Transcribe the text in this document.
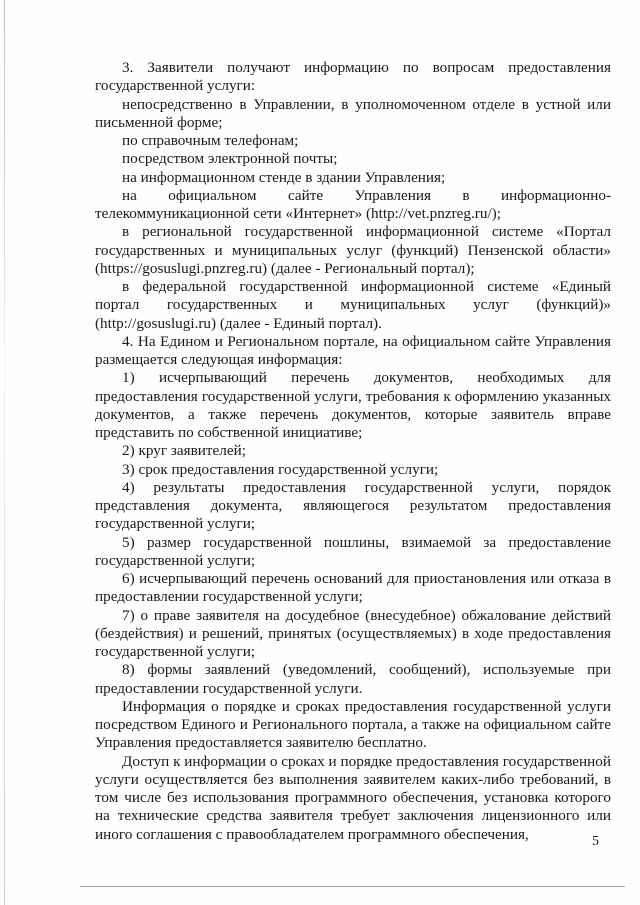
3. Заявители получают информацию по вопросам предоставления государственной услуги:

непосредственно в Управлении, в уполномоченном отделе в устной или письменной форме;

по справочным телефонам;

посредством электронной почты;

на информационном стенде в здании Управления;

на официальном сайте Управления в информационно-телекоммуникационной сети «Интернет» (http://vet.pnzreg.ru/);

в региональной государственной информационной системе «Портал государственных и муниципальных услуг (функций) Пензенской области» (https://gosuslugi.pnzreg.ru) (далее - Региональный портал);

в федеральной государственной информационной системе «Единый портал государственных и муниципальных услуг (функций)» (http://gosuslugi.ru) (далее - Единый портал).

4. На Едином и Региональном портале, на официальном сайте Управления размещается следующая информация:

1) исчерпывающий перечень документов, необходимых для предоставления государственной услуги, требования к оформлению указанных документов, а также перечень документов, которые заявитель вправе представить по собственной инициативе;

2) круг заявителей;

3) срок предоставления государственной услуги;

4) результаты предоставления государственной услуги, порядок представления документа, являющегося результатом предоставления государственной услуги;

5) размер государственной пошлины, взимаемой за предоставление государственной услуги;

6) исчерпывающий перечень оснований для приостановления или отказа в предоставлении государственной услуги;

7) о праве заявителя на досудебное (внесудебное) обжалование действий (бездействия) и решений, принятых (осуществляемых) в ходе предоставления государственной услуги;

8) формы заявлений (уведомлений, сообщений), используемые при предоставлении государственной услуги.

Информация о порядке и сроках предоставления государственной услуги посредством Единого и Регионального портала, а также на официальном сайте Управления предоставляется заявителю бесплатно.

Доступ к информации о сроках и порядке предоставления государственной услуги осуществляется без выполнения заявителем каких-либо требований, в том числе без использования программного обеспечения, установка которого на технические средства заявителя требует заключения лицензионного или иного соглашения с правообладателем программного обеспечения,	5
